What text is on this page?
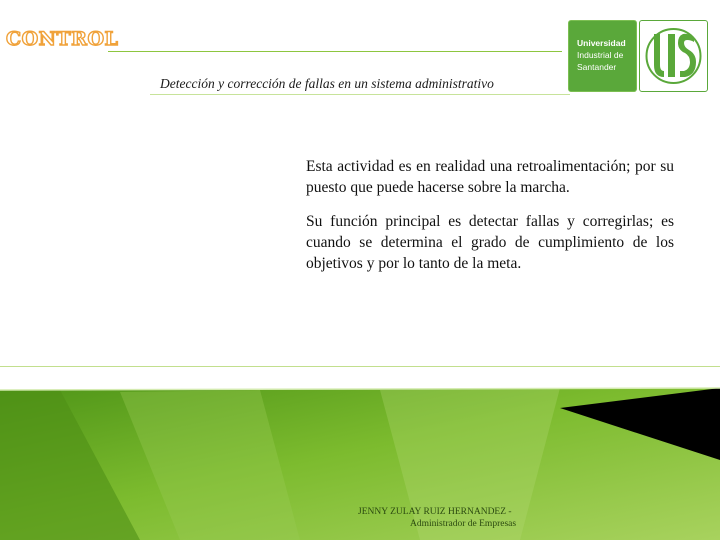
CONTROL
Detección y corrección de fallas en un sistema administrativo
Universidad
Industrial de
Santander

Esta actividad es en realidad una retroalimentación; por su puesto que puede hacerse sobre la marcha.

Su función principal es detectar fallas y corregirlas; es cuando se determina el grado de cumplimiento de los objetivos y por lo tanto de la meta.

JENNY ZULAY RUIZ HERNANDEZ -
Administrador de Empresas
